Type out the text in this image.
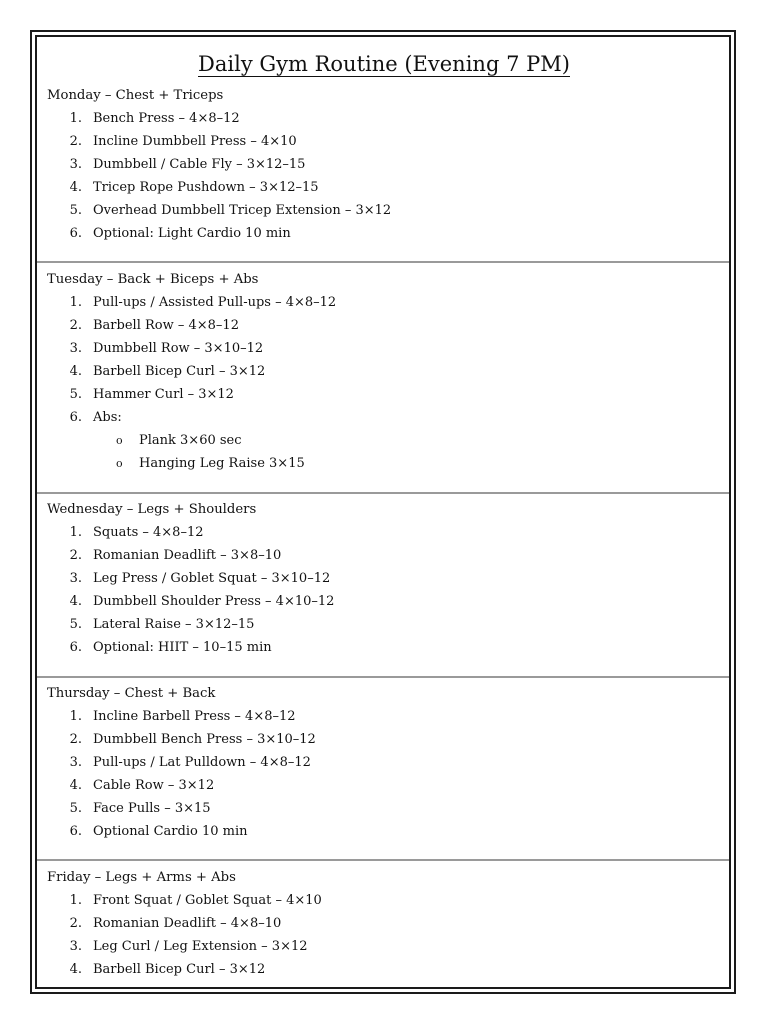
Daily Gym Routine (Evening 7 PM)
Monday – Chest + Triceps
1. Bench Press – 4×8–12
2. Incline Dumbbell Press – 4×10
3. Dumbbell / Cable Fly – 3×12–15
4. Tricep Rope Pushdown – 3×12–15
5. Overhead Dumbbell Tricep Extension – 3×12
6. Optional: Light Cardio 10 min
Tuesday – Back + Biceps + Abs
1. Pull-ups / Assisted Pull-ups – 4×8–12
2. Barbell Row – 4×8–12
3. Dumbbell Row – 3×10–12
4. Barbell Bicep Curl – 3×12
5. Hammer Curl – 3×12
6. Abs:
o Plank 3×60 sec
o Hanging Leg Raise 3×15
Wednesday – Legs + Shoulders
1. Squats – 4×8–12
2. Romanian Deadlift – 3×8–10
3. Leg Press / Goblet Squat – 3×10–12
4. Dumbbell Shoulder Press – 4×10–12
5. Lateral Raise – 3×12–15
6. Optional: HIIT – 10–15 min
Thursday – Chest + Back
1. Incline Barbell Press – 4×8–12
2. Dumbbell Bench Press – 3×10–12
3. Pull-ups / Lat Pulldown – 4×8–12
4. Cable Row – 3×12
5. Face Pulls – 3×15
6. Optional Cardio 10 min
Friday – Legs + Arms + Abs
1. Front Squat / Goblet Squat – 4×10
2. Romanian Deadlift – 4×8–10
3. Leg Curl / Leg Extension – 3×12
4. Barbell Bicep Curl – 3×12
